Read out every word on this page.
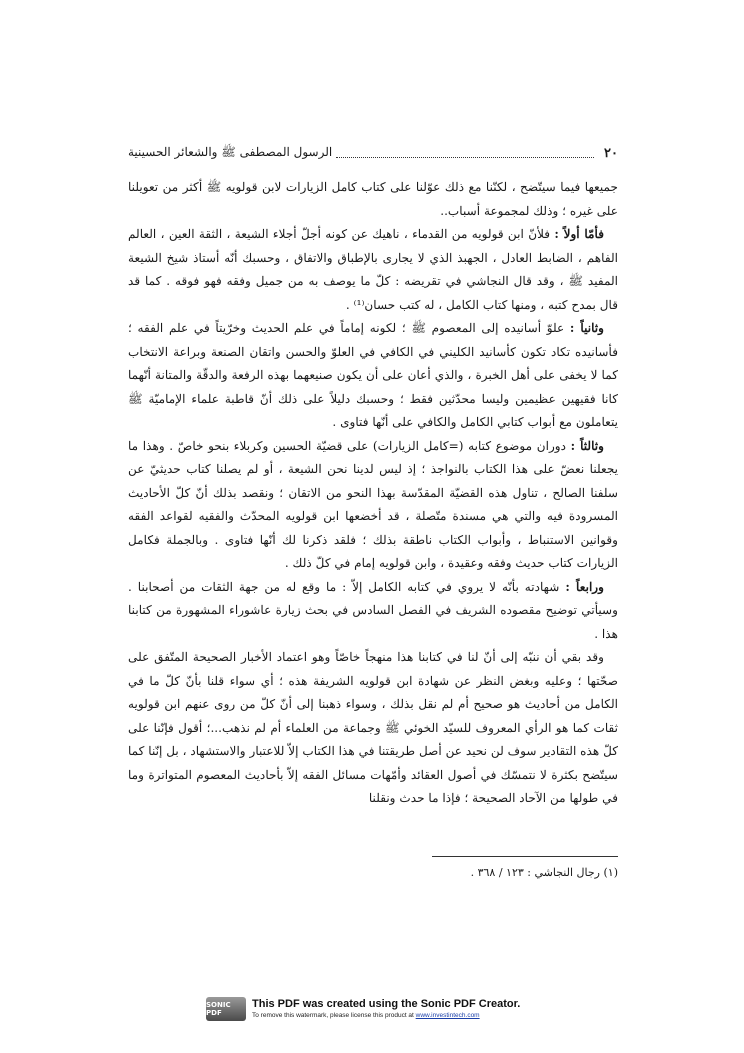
٢٠
الرسول المصطفى ﷺ والشعائر الحسينية

جميعها فيما سيتّضح ، لكنّنا مع ذلك عوّلنا على كتاب كامل الزيارات لابن قولويه ﷺ أكثر من تعويلنا على غيره ؛ وذلك لمجموعة أسباب..

فأمّا أولاً : فلأنّ ابن قولويه من القدماء ، ناهيك عن كونه أجلّ أجلاء الشيعة ، الثقة العين ، العالم الفاهم ، الضابط العادل ، الجهبذ الذي لا يجارى بالإطباق والاتفاق ، وحسبك أنّه أستاذ شيخ الشيعة المفيد ﷺ ، وقد قال النجاشي في تقريضه : كلّ ما يوصف به من جميل وفقه فهو فوقه . كما قد قال بمدح كتبه ، ومنها كتاب الكامل ، له كتب حسان⁽¹⁾ .

وثانياً : علوّ أسانيده إلى المعصوم ﷺ ؛ لكونه إماماً في علم الحديث وخرّيتاً في علم الفقه ؛ فأسانيده تكاد تكون كأسانيد الكليني في الكافي في العلوّ والحسن واتقان الصنعة وبراعة الانتخاب كما لا يخفى على أهل الخبرة ، والذي أعان على أن يكون صنيعهما بهذه الرفعة والدقّة والمتانة أنّهما كانا فقيهين عظيمين وليسا محدّثين فقط ؛ وحسبك دليلاً على ذلك أنّ قاطبة علماء الإماميّة ﷺ يتعاملون مع أبواب كتابي الكامل والكافي على أنّها فتاوى .

وثالثاً : دوران موضوع كتابه (=كامل الزيارات) على قضيّة الحسين وكربلاء بنحو خاصّ . وهذا ما يجعلنا نعضّ على هذا الكتاب بالنواجذ ؛ إذ ليس لدينا نحن الشيعة ، أو لم يصلنا كتاب حديثيّ عن سلفنا الصالح ، تناول هذه القضيّة المقدّسة بهذا النحو من الاتقان ؛ ونقصد بذلك أنّ كلّ الأحاديث المسرودة فيه والتي هي مسندة متّصلة ، قد أخضعها ابن قولويه المحدّث والفقيه لقواعد الفقه وقوانين الاستنباط ، وأبواب الكتاب ناطقة بذلك ؛ فلقد ذكرنا لك أنّها فتاوى . وبالجملة فكامل الزيارات كتاب حديث وفقه وعقيدة ، وابن قولويه إمام في كلّ ذلك .

ورابعاً : شهادته بأنّه لا يروي في كتابه الكامل إلاّ : ما وقع له من جهة الثقات من أصحابنا . وسيأتي توضيح مقصوده الشريف في الفصل السادس في بحث زيارة عاشوراء المشهورة من كتابنا هذا .

وقد بقي أن ننبّه إلى أنّ لنا في كتابنا هذا منهجاً خاصّاً وهو اعتماد الأخبار الصحيحة المتّفق على صحّتها ؛ وعليه وبغض النظر عن شهادة ابن قولويه الشريفة هذه ؛ أي سواء قلنا بأنّ كلّ ما في الكامل من أحاديث هو صحيح أم لم نقل بذلك ، وسواء ذهبنا إلى أنّ كلّ من روى عنهم ابن قولويه ثقات كما هو الرأي المعروف للسيّد الخوئي ﷺ وجماعة من العلماء أم لم نذهب...؛ أقول فإنّنا على كلّ هذه التقادير سوف لن نحيد عن أصل طريقتنا في هذا الكتاب إلاّ للاعتبار والاستشهاد ، بل إنّنا كما سيتّضح بكثرة لا نتمسّك في أصول العقائد وأمّهات مسائل الفقه إلاّ بأحاديث المعصوم المتواترة وما في طولها من الآحاد الصحيحة ؛ فإذا ما حدث ونقلنا

(١) رجال النجاشي : ١٢٣ / ٣٦٨ .
SONIC PDF
This PDF was created using the Sonic PDF Creator.
To remove this watermark, please license this product at www.investintech.com
